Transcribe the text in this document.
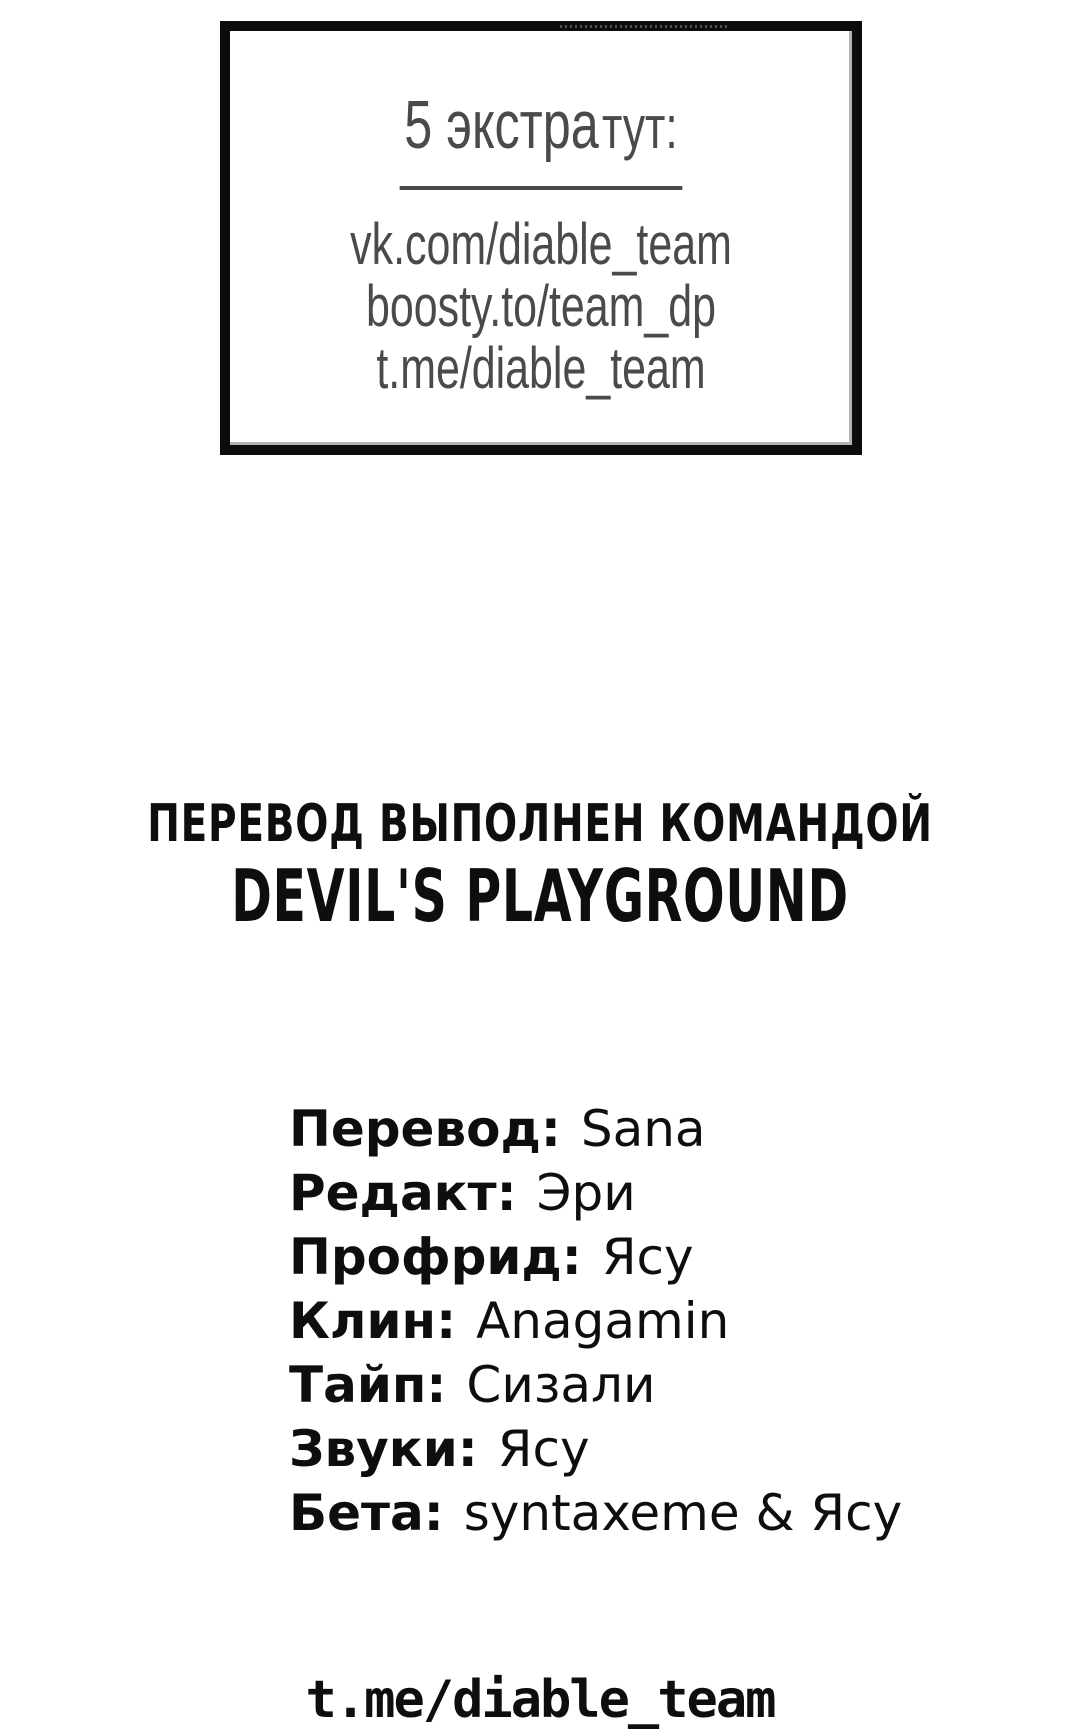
5 экстра тут:
vk.com/diable_team
boosty.to/team_dp
t.me/diable_team
ПЕРЕВОД ВЫПОЛНЕН КОМАНДОЙ
DEVIL'S PLAYGROUND
Перевод: Sana
Редакт: Эри
Профрид: Ясу
Клин: Anagamin
Тайп: Сизали
Звуки: Ясу
Бета: syntaxeme & Ясу
t.me/diable_team
